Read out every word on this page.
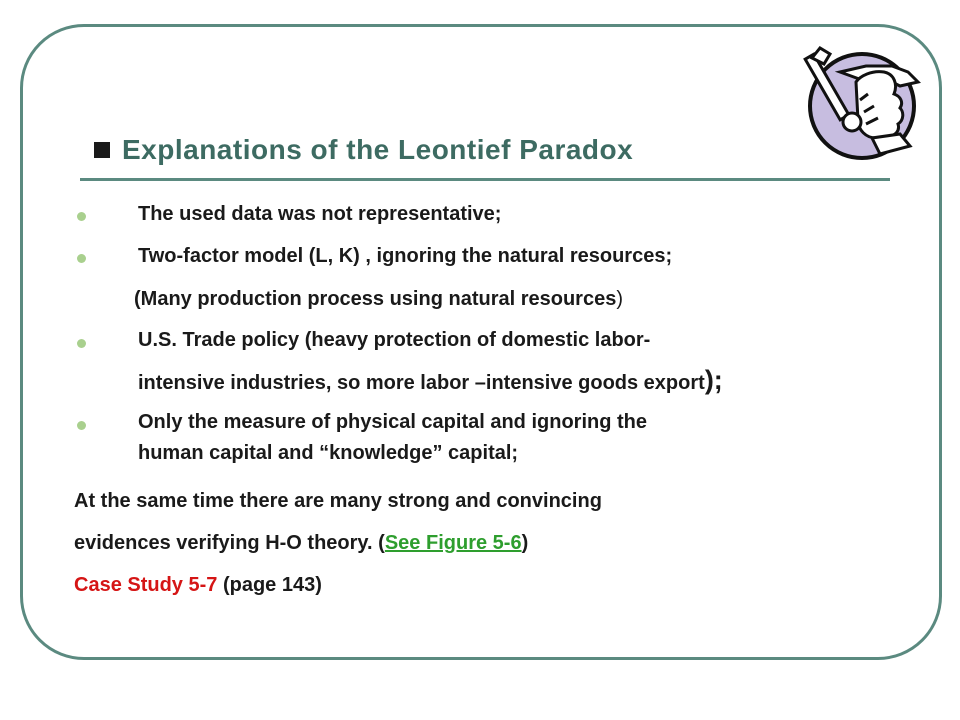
Explanations of the Leontief Paradox
The used data was not representative;
Two-factor model (L, K) , ignoring the natural resources;
(Many production process using natural resources)
U.S. Trade policy (heavy protection of domestic labor-
intensive industries, so more labor –intensive goods export);
Only the measure of physical capital and ignoring the
human capital and “knowledge” capital;
At the same time there are many strong and convincing
evidences verifying H-O theory. (See Figure 5-6)
Case Study 5-7 (page 143)
